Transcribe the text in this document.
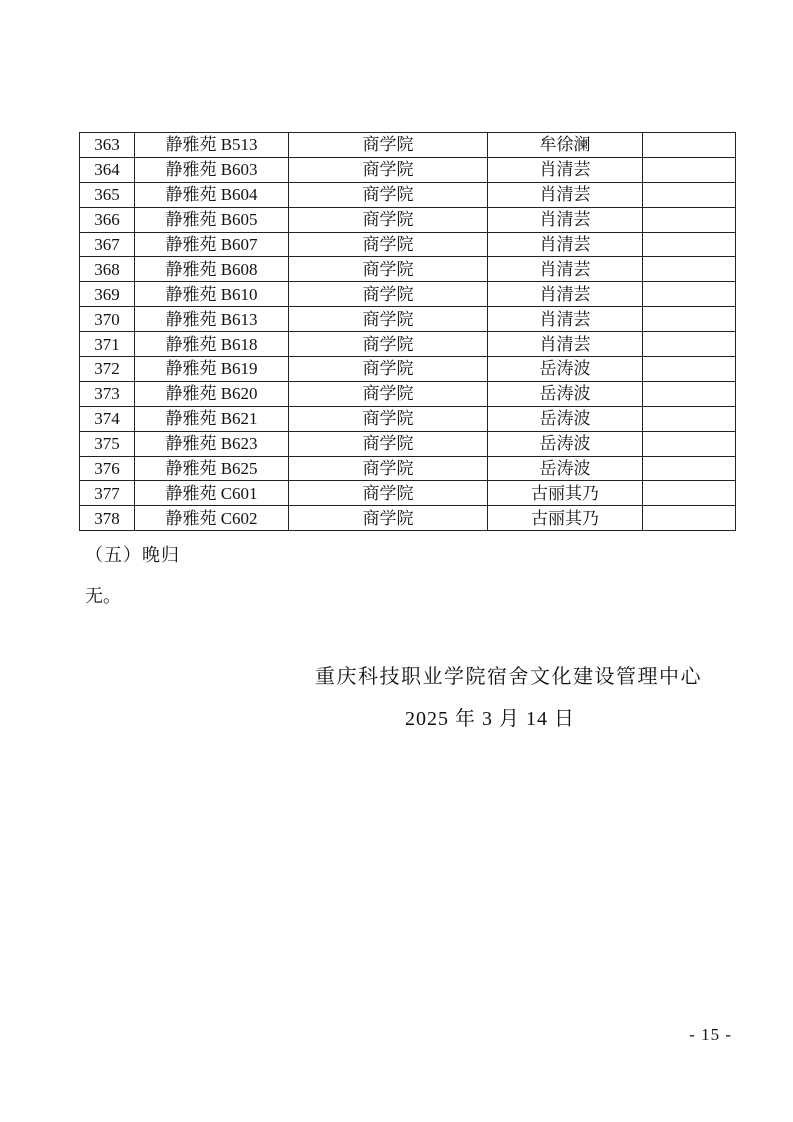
363	静雅苑 B513	商学院	牟徐澜	
364	静雅苑 B603	商学院	肖清芸	
365	静雅苑 B604	商学院	肖清芸	
366	静雅苑 B605	商学院	肖清芸	
367	静雅苑 B607	商学院	肖清芸	
368	静雅苑 B608	商学院	肖清芸	
369	静雅苑 B610	商学院	肖清芸	
370	静雅苑 B613	商学院	肖清芸	
371	静雅苑 B618	商学院	肖清芸	
372	静雅苑 B619	商学院	岳涛波	
373	静雅苑 B620	商学院	岳涛波	
374	静雅苑 B621	商学院	岳涛波	
375	静雅苑 B623	商学院	岳涛波	
376	静雅苑 B625	商学院	岳涛波	
377	静雅苑 C601	商学院	古丽其乃	
378	静雅苑 C602	商学院	古丽其乃	
（五）晚归
无。
重庆科技职业学院宿舍文化建设管理中心
2025 年 3 月 14 日
- 15 -
